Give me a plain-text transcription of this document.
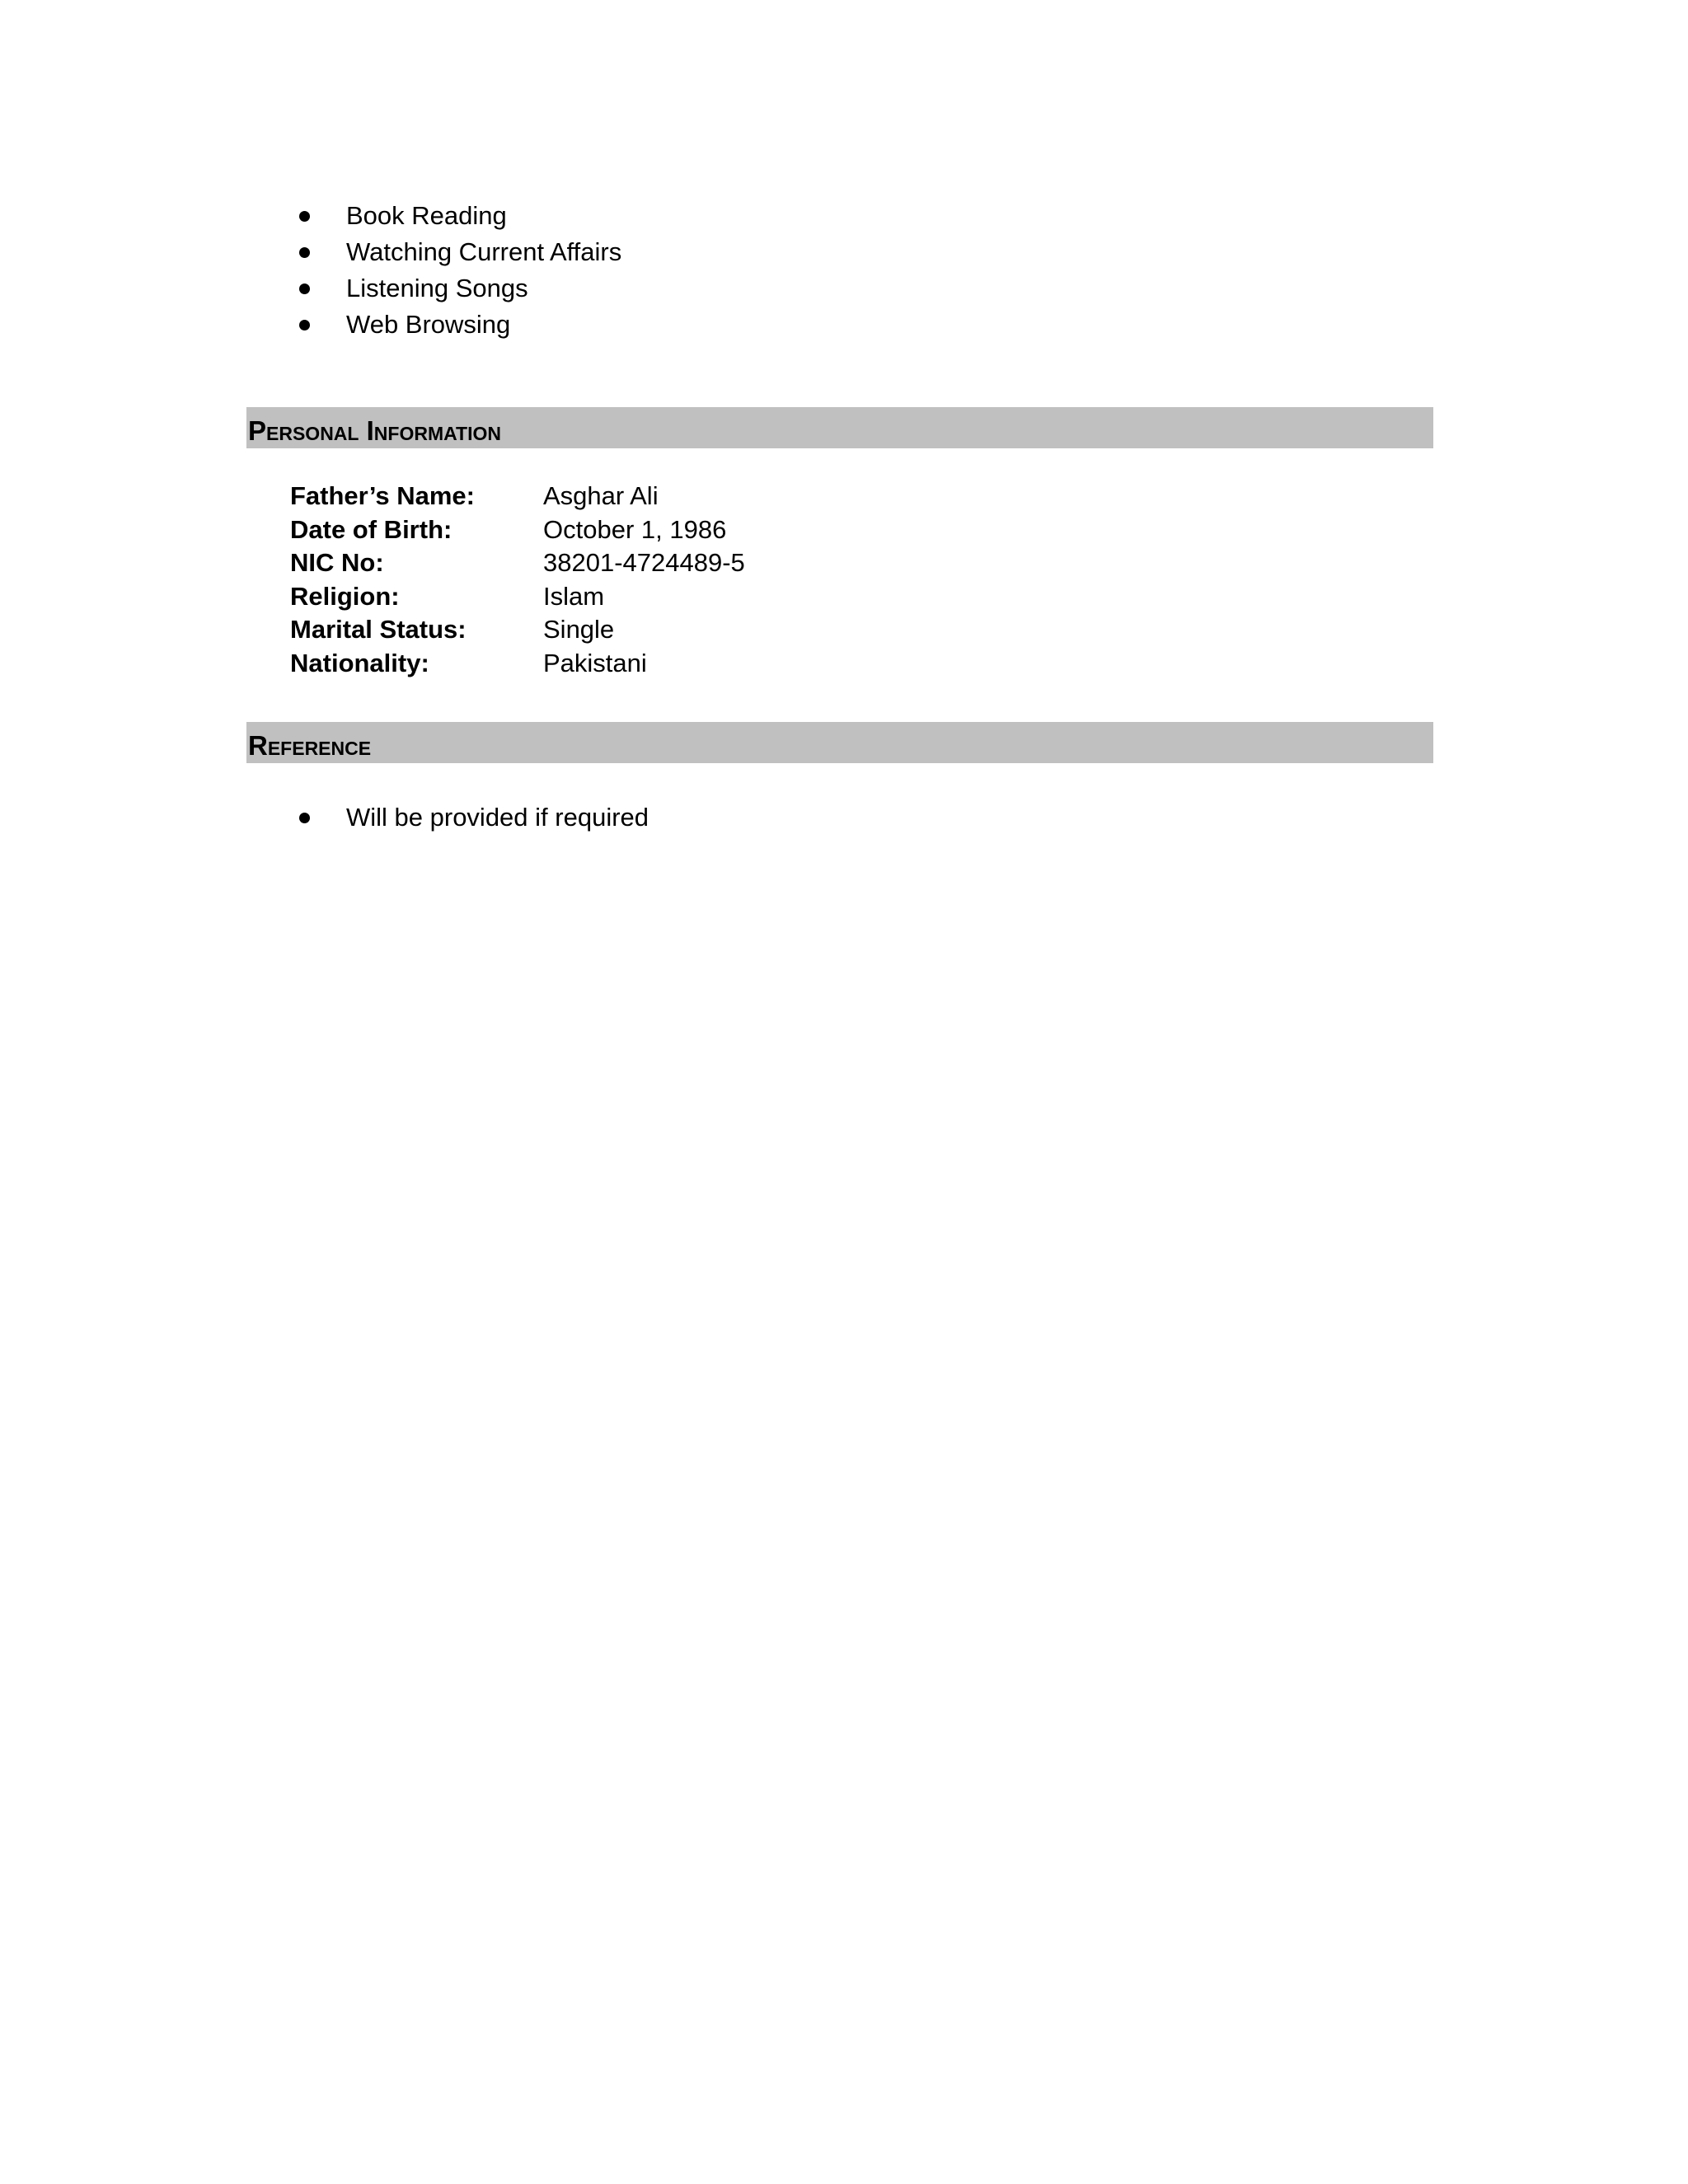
Book Reading
Watching Current Affairs
Listening Songs
Web Browsing
Personal Information
Father’s Name:	Asghar Ali
Date of Birth:	October 1, 1986
NIC No:	38201-4724489-5
Religion:	Islam
Marital Status:	Single
Nationality:	Pakistani
Reference
Will be provided if required
